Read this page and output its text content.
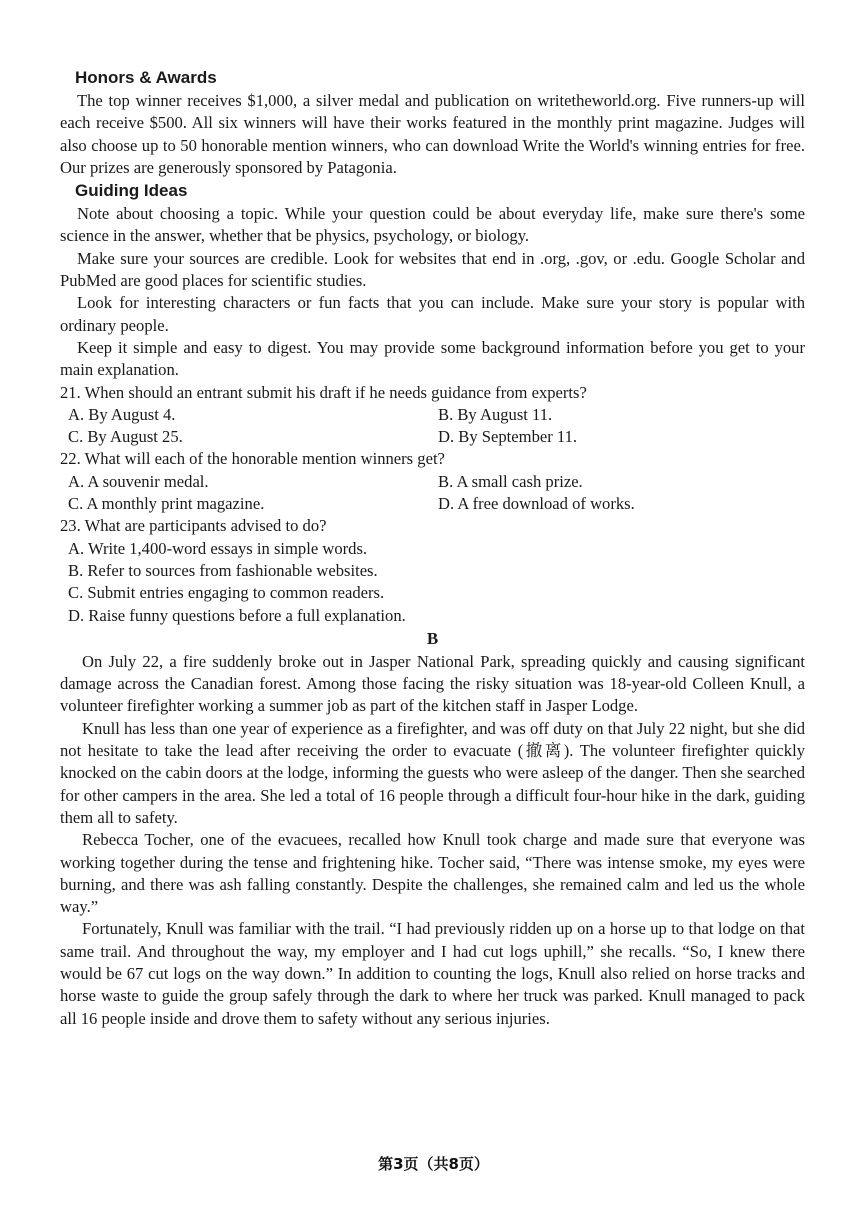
Honors & Awards

The top winner receives $1,000, a silver medal and publication on writetheworld.org. Five runners-up will each receive $500. All six winners will have their works featured in the monthly print magazine. Judges will also choose up to 50 honorable mention winners, who can download Write the World's winning entries for free. Our prizes are generously sponsored by Patagonia.

Guiding Ideas

Note about choosing a topic. While your question could be about everyday life, make sure there's some science in the answer, whether that be physics, psychology, or biology.

Make sure your sources are credible. Look for websites that end in .org, .gov, or .edu. Google Scholar and PubMed are good places for scientific studies.

Look for interesting characters or fun facts that you can include. Make sure your story is popular with ordinary people.

Keep it simple and easy to digest. You may provide some background information before you get to your main explanation.

21. When should an entrant submit his draft if he needs guidance from experts?

A. By August 4.	B. By August 11.
C. By August 25.	D. By September 11.

22. What will each of the honorable mention winners get?

A. A souvenir medal.	B. A small cash prize.
C. A monthly print magazine.	D. A free download of works.

23. What are participants advised to do?

A. Write 1,400-word essays in simple words.
B. Refer to sources from fashionable websites.
C. Submit entries engaging to common readers.
D. Raise funny questions before a full explanation.
B

On July 22, a fire suddenly broke out in Jasper National Park, spreading quickly and causing significant damage across the Canadian forest. Among those facing the risky situation was 18-year-old Colleen Knull, a volunteer firefighter working a summer job as part of the kitchen staff in Jasper Lodge.

Knull has less than one year of experience as a firefighter, and was off duty on that July 22 night, but she did not hesitate to take the lead after receiving the order to evacuate (撤离). The volunteer firefighter quickly knocked on the cabin doors at the lodge, informing the guests who were asleep of the danger. Then she searched for other campers in the area. She led a total of 16 people through a difficult four-hour hike in the dark, guiding them all to safety.

Rebecca Tocher, one of the evacuees, recalled how Knull took charge and made sure that everyone was working together during the tense and frightening hike. Tocher said, “There was intense smoke, my eyes were burning, and there was ash falling constantly. Despite the challenges, she remained calm and led us the whole way.”

Fortunately, Knull was familiar with the trail. “I had previously ridden up on a horse up to that lodge on that same trail. And throughout the way, my employer and I had cut logs uphill,” she recalls. “So, I knew there would be 67 cut logs on the way down.” In addition to counting the logs, Knull also relied on horse tracks and horse waste to guide the group safely through the dark to where her truck was parked. Knull managed to pack all 16 people inside and drove them to safety without any serious injuries.

第3页（共8页）
